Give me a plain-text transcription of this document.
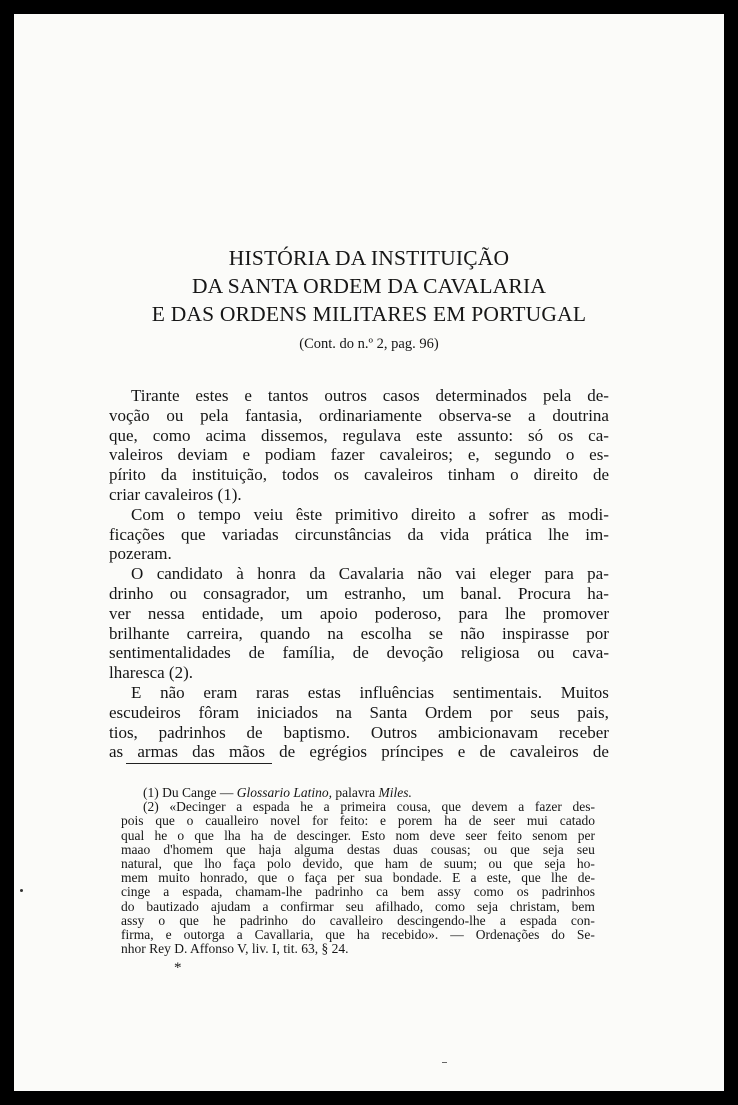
HISTÓRIA DA INSTITUIÇÃO
DA SANTA ORDEM DA CAVALARIA
E DAS ORDENS MILITARES EM PORTUGAL
(Cont. do n.º 2, pag. 96)
Tirante estes e tantos outros casos determinados pela de-
voção ou pela fantasia, ordinariamente observa-se a doutrina
que, como acima dissemos, regulava este assunto: só os ca-
valeiros deviam e podiam fazer cavaleiros; e, segundo o es-
pírito da instituição, todos os cavaleiros tinham o direito de
criar cavaleiros (1).
Com o tempo veiu êste primitivo direito a sofrer as modi-
ficações que variadas circunstâncias da vida prática lhe im-
pozeram.
O candidato à honra da Cavalaria não vai eleger para pa-
drinho ou consagrador, um estranho, um banal. Procura ha-
ver nessa entidade, um apoio poderoso, para lhe promover
brilhante carreira, quando na escolha se não inspirasse por
sentimentalidades de família, de devoção religiosa ou cava-
lharesca (2).
E não eram raras estas influências sentimentais. Muitos
escudeiros fôram iniciados na Santa Ordem por seus pais,
tios, padrinhos de baptismo. Outros ambicionavam receber
as armas das mãos de egrégios príncipes e de cavaleiros de
(1)
Du Cange —
Glossario Latino,
palavra
Miles.
(2) «Decinger a espada he a primeira cousa, que devem a fazer des-
pois que o caualleiro novel for feito: e porem ha de seer mui catado
qual he o que lha ha de descinger. Esto nom deve seer feito senom per
maao d'homem que haja alguma destas duas cousas; ou que seja seu
natural, que lho faça polo devido, que ham de suum; ou que seja ho-
mem muito honrado, que o faça per sua bondade. E a este, que lhe de-
cinge a espada, chamam-lhe padrinho ca bem assy como os padrinhos
do bautizado ajudam a confirmar seu afilhado, como seja christam, bem
assy o que he padrinho do cavalleiro descingendo-lhe a espada con-
firma, e outorga a Cavallaria, que ha recebido». — Ordenações do Se-
nhor Rey D. Affonso V, liv. I, tit. 63, § 24.
*
